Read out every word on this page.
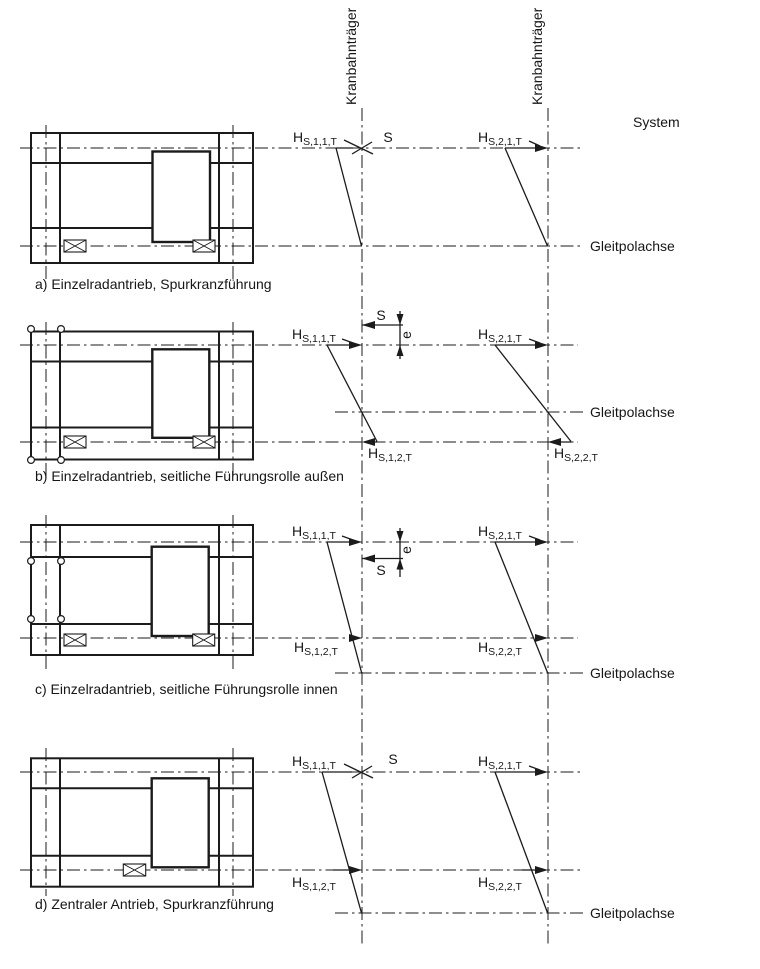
Kranbahnträger	Kranbahnträger
System
Gleitpolachse
$H_{S,1,1,T}$	S	$H_{S,2,1,T}$
a) Einzelradantrieb, Spurkranzführung
Gleitpolachse
$H_{S,1,1,T}$
$H_{S,1,2,T}$
S
e	$H_{S,2,1,T}$
$H_{S,2,2,T}$
b) Einzelradantrieb, seitliche Führungsrolle außen
Gleitpolachse
$H_{S,1,1,T}$
$H_{S,1,2,T}$
S
e
$H_{S,2,1,T}$
$H_{S,2,2,T}$
c) Einzelradantrieb, seitliche Führungsrolle innen
Gleitpolachse
$H_{S,1,1,T}$
$H_{S,1,2,T}$
S	$H_{S,2,1,T}$
$H_{S,2,2,T}$
d) Zentraler Antrieb, Spurkranzführung
